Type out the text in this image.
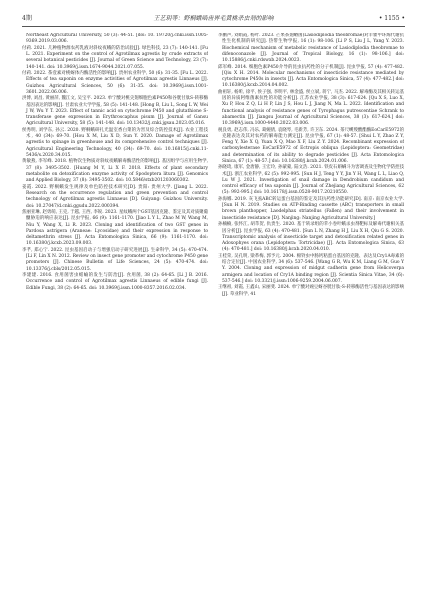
4期	王艺玥等：野桐蛾啮齿界毛黄桃杀虫剂的影响	• 1155 •

Northeast Agricultural University, 50 (3): 44-51. [doi: 10. 19720/j.cnki.issn.1005-9369.2019.03.006.

付莉. 2021. 几种植物源农药乳液对斜纹夜蛾的防治试验[J]. 绿色科技, 23 (7): 140-141. [Fu L. 2021. Experiment on the control of Agrotilmax agrestis by crude extracts of several botanical pesticides [J]. Journal of Green Science and Technology, 23 (7): 140-141. doi: 10.3969/j.issn.1674-9044.2021.07.055.

付莉. 2022. 茶壹素对桃蚜体内酶活性的影响[J]. 贵州农业科学, 50 (6): 31-35. [Fu L. 2022. Effects of tea saponin on enzyme activities of Agrotilmax agrestis Linnaeus [J]. Guizhou Agricultural Sciences, 50 (6): 31-35. doi: 10.3969/j.issn.1001-3601.2022.06.006.

洪博, 刘昌, 黄丽萍, 魏江文, 吴宝平. 2023. 单宁酸对桃尖翅细胞色素P450和谷胱甘肽S-转移酶基因表达的影响[J]. 甘肃农业大学学报, 58 (5): 141-148. [Hong B, Liu L, Song L W, Wei J W, Wu Y T. 2023. Effect of tannic acid on cytochrome P450 and glutathione S-transferase gene expression in Erythroscaphus pisum [J]. Journal of Gansu Agricultural University, 58 (5): 141-148. doi: 10.13432/j.cnki.jgsau.2023.05.016.

侯秀明, 刘学东, 孙云. 2020. 野桐蛾研扎光温室香白菜的为害及综合防控技术[J]. 农业工程技术, 40 (34): 69-70. [Hou X M, Liu X D, Sun Y. 2020. Damage of Agrotilmax agrestis to spinage in greenhouse and its comprehensive control techniques [J]. Agricultural Engineering Technology, 40 (34): 69-70. doi: 10.16815/j.cnki.11-5436/s.2020.34.015.

黄敏燕, 李军峰. 2018. 植物次生物质对斜纹夜蛾解毒酶活性的影响[J]. 基因组学与应用生物学, 37 (8): 3495-3502. [Huang M Y, Li X F. 2018. Effects of plant secondary metabolite on detoxification enzyme activity of Spodoptera litura [J]. Genomics and Applied Biology, 37 (8): 3495-3502. doi: 10.5846/stxb201203060302.

姜霞. 2022. 野桐蛾发生规律及单色防控技术研究[D]. 贵阳: 贵州大学. [Jiang L. 2022. Research on the occurrence regulation and green prevention and control technology of Agrotilmax agrestis Linnaeus [D]. Guiyang: Guizhou University. doi: 10.27047/d.cnki.ggudu.2022.000394.

焦丽亚琳, 赵勇萌, 王克, 于越, 王西, 李锐. 2023. 星纹蛾两个GST基因克隆、鉴定及其对质聚葡醣胁迫的响应表达[J]. 昆虫学报, 66 (9): 1161-1170. [Jiao L Y L, Zhao M W, Wang M, Niu Y, Wang X, Li R. 2023. Cloning and identification of two GST genes in Pardosa astrigera (Araneae: Lycosidae) and their expression in response to deltamethrin stress [J]. Acta Entomologica Sinica, 66 (9): 1161-1170. doi: 10.16380/j.kcxb.2023.09.003.

李芊, 郑心宁. 2022. 昆虫基因启动子与增强启动子研究进展[J]. 生命科学, 34 (5): 470-474. [Li F, Lin X N. 2012. Review on insect gene promoter and cytochrome P450 gene promoters [J]. Chinese Bulletin of Life Sciences, 24 (5): 470-474. doi: 10.13376/j.cbls/2012.05.015.

李建建. 2016. 食用菌害虫蛞蝓的发生与防治[J]. 食用菌, 38 (2): 64-65. [Li J B. 2016. Occurrence and control of Agrotilmax agrestis Linnaeus of edible fungi [J]. Edible Fungi, 38 (2): 64-65. doi: 10.3969/j.issn.1000-8357.2016.02.034.

李鹏声, 刘娟霞, 杨叶. 2023. 芒果茶翅蝽菌(Lasiodiplodia theobromae)对羊藿甲环烯代谢抗性生化机制的研究[J]. 热带生物学报, 16 (1): 98-106. [Li P S, Liu J L, Yang Y. 2023. Biochemical mechanism of metabolic resistance of Lasiodiplodia theobromae to difenoconazole [J]. Journal of Tropical Biology, 16 (1): 98-106.] doi: 10.15886/j.cnki.rdswxb.2024.0023.

邱军峰. 2014. 细胞色素P450介导的昆虫抗药性的分子机制[J]. 昆虫学报, 57 (4): 477-482. [Qiu X H. 2014. Molecular mechanisms of insecticide resistance mediated by cytochrome P450s in insects [J]. Acta Entomologica Sinica, 57 (4): 477-482.] doi: 10.16380/j.kcxb.2014.04.002.

曲祖轩, 杨昕, 徐平, 侯子强, 李明平, 林金盛, 侯立斌, 蒋宁, 马杰. 2022. 解毒酶及其相关转运基因的异质阿维菌素抗性的功能分析[J]. 江苏农业学报, 38 (3): 617-624. [Qu X S, Luo X, Xu P, Hou Z Q, Li H P, Lin J S, Hou L J, Jiang N, Ma L. 2022. Identification and functional analysis of resistance genes of Tyrophagus putrescentiae Schrank to abamectin [J]. Jiangsu Journal of Agricultural Sciences, 38 (3): 617-624.] doi: 10.3969/j.issn.1000-4440.2022.03.006.

税良勇, 赵志伟, 冯乐, 葛婉倩, 袁晓琴, 毛新芳, 许卫东. 2024. 茶尺蠖羧酸酯酶EoCarE5972的克隆表达及其对农药的解毒能力测定[J]. 昆虫学报, 67 (1): 48-57. [Shui L Y, Zhao Z Y, Feng Y, Xie X Q, Yuan X Q, Mao X F, Liu Z Y. 2024. Recombinant expression of carboxylesterase EoCarE5972 of Ectropis obliqua (Lepidoptera: Geometridae) and determination of its ability to degrade pesticides [J]. Acta Entomologica Sinica, 67 (1): 48-57.] doi: 10.16380/j.kcxb.2024.01.006.

孙晓琦, 康军, 金唐静, 王宏玲, 孙蒙蒙, 陆文浩. 2021. 铁皮石斛螨斗为害调查及生物化学防控技术[J]. 浙江农业科学, 62 (5): 992-995. [Sun H J, Teng Y Y, Jin Y H, Wang L L, Liao Q, Lu W J. 2021. Investigation of snail damage in Dendrobium candidum and control efficacy of tea saponin [J]. Journal of Zhejiang Agricultural Sciences, 62 (5): 992-995.] doi: 10.16178/j.issn.0528-9017.20210550.

孙海娜. 2019. 灰飞虱ABC转运蛋白基因的鉴定及其抗药性功能研究[D]. 南京: 南京农业大学. [Sun H N. 2019. Studies on ATP-Binding cassette (ABC) transporters in small brown planthopper, Laodelphax striatellus (Fallen) and their involvement in insecticide resistance [D]. Nanjing: Nanjing Agricultural University.]

孙楠楠, 张怀江, 胡萃贺, 仇贵生. 2020. 基于转录组的苹小卷叶蛾杀虫剂靶标及解毒代谢相关基因分析[J]. 昆虫学报, 63 (4): 470-481. [Sun L N, Zhang H J, Liu X H, Qiu G S. 2020. Transcriptomic analysis of insecticide target and detoxification related genes in Adoxophyes orana (Lepidoptera: Tortricidae) [J]. Acta Entomologica Sinica, 63 (4): 470-481.] doi: 10.16380/j.kcxb.2020.04.010.

王桂荣, 吴孔明, 梁革梅, 郭予元. 2004. 棉铃虫中肠钙粘蛋白基因的克隆、表达及Cry1A毒素的结合定位[J]. 中国农业科学, 34 (6): 537-546. [Wang G R, Wu K M, Liang G M, Guo Y Y. 2004. Cloning and expression of midgut cadherin gene from Helicoverpa armigera and location of Cry1A binding region [J]. Scientia Sinica Vitae, 34 (6): 537-546.] doi: 10.3321/j.issn:1006-9259.2004.06.007.

王继祖, 刘霞, 王鑫山, 宋丽斐. 2024. 单宁酸对豌豆蚜谷胱甘肽-S-转移酶活性与基因表达的影响[J]. 草业科学, 41
